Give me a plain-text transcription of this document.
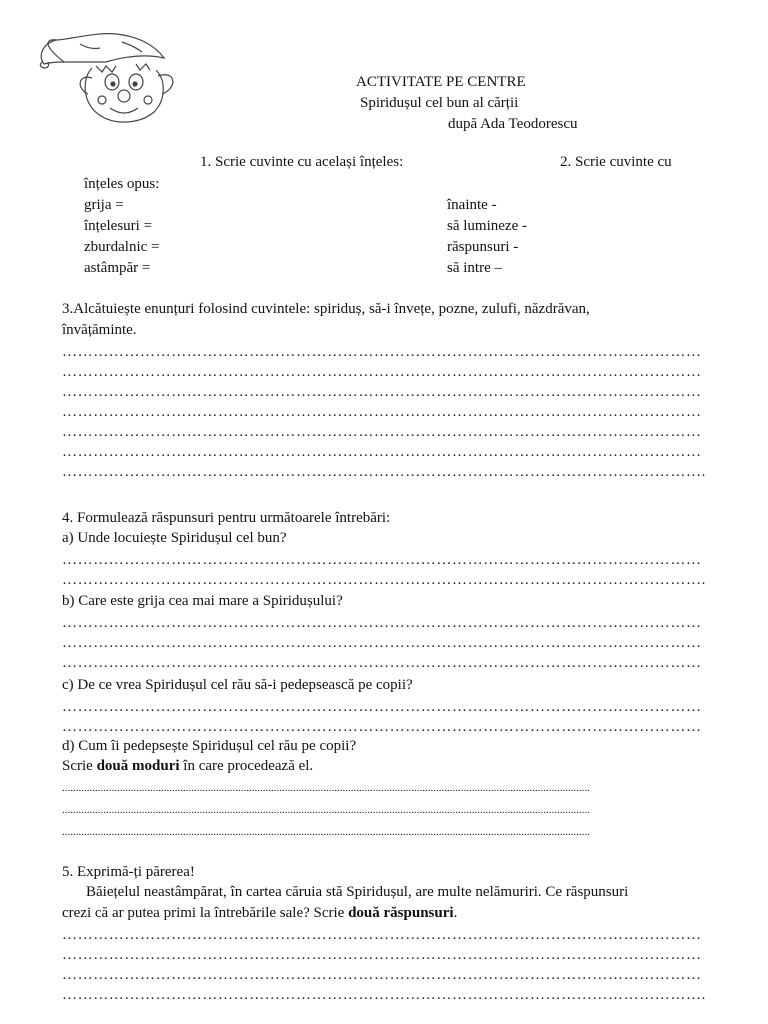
ACTIVITATE PE CENTRE
Spiridușul cel bun al cărții
după Ada Teodorescu
1. Scrie cuvinte cu același înțeles:	2. Scrie cuvinte cu
înțeles opus:
grija =
înțelesuri =
zburdalnic =
astâmpăr =
înainte -
să lumineze -
răspunsuri -
să intre –
3.Alcătuiește enunțuri folosind cuvintele: spiriduș, să-i învețe, pozne, zulufi, năzdrăvan,
învățăminte.
……………………………………………………………………………………………………………
……………………………………………………………………………………………………………
……………………………………………………………………………………………………………
……………………………………………………………………………………………………………
……………………………………………………………………………………………………………
……………………………………………………………………………………………………………
…………………………………………………………………………………………………………….
4. Formulează răspunsuri pentru următoarele întrebări:
a) Unde locuiește Spiridușul cel bun?
……………………………………………………………………………………………………………
…………………………………………………………………………………………………………….
b) Care este grija cea mai mare a Spiridușului?
……………………………………………………………………………………………………………
……………………………………………………………………………………………………………
……………………………………………………………………………………………………………
c) De ce vrea Spiridușul cel rău să-i pedepsească pe copii?
……………………………………………………………………………………………………………
……………………………………………………………………………………………………………
d) Cum îi pedepsește Spiridușul cel rău pe copii?
Scrie două moduri în care procedează el.
................................................................................................................................................................................................
................................................................................................................................................................................................
................................................................................................................................................................................................
5. Exprimă-ți părerea!
Băiețelul neastâmpărat, în cartea căruia stă Spiridușul, are multe nelămuriri. Ce răspunsuri
crezi că ar putea primi la întrebările sale? Scrie două răspunsuri.
……………………………………………………………………………………………………………
……………………………………………………………………………………………………………
……………………………………………………………………………………………………………
…………………………………………………………………………………………………………….
